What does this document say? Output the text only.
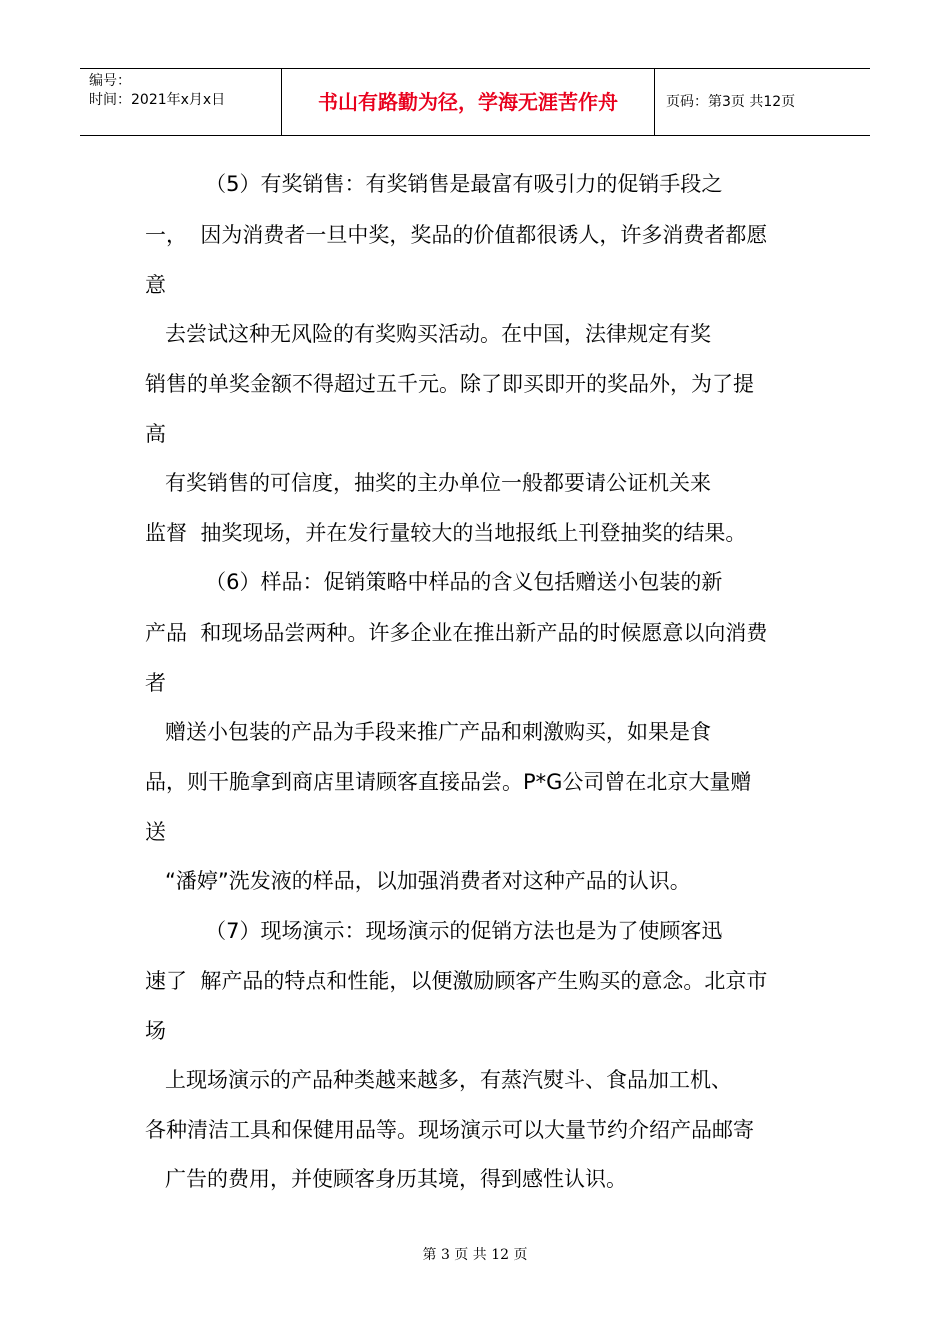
编号：
时间：2021年x月x日	书山有路勤为径，学海无涯苦作舟	页码：第3页 共12页
（5）有奖销售：有奖销售是最富有吸引力的促销手段之
一，  因为消费者一旦中奖，奖品的价值都很诱人，许多消费者都愿
意
去尝试这种无风险的有奖购买活动。在中国，法律规定有奖
销售的单奖金额不得超过五千元。除了即买即开的奖品外，为了提
高
有奖销售的可信度，抽奖的主办单位一般都要请公证机关来
监督  抽奖现场，并在发行量较大的当地报纸上刊登抽奖的结果。
（6）样品：促销策略中样品的含义包括赠送小包装的新
产品  和现场品尝两种。许多企业在推出新产品的时候愿意以向消费
者
赠送小包装的产品为手段来推广产品和刺激购买，如果是食
品，则干脆拿到商店里请顾客直接品尝。P*G公司曾在北京大量赠
送
“潘婷”洗发液的样品，以加强消费者对这种产品的认识。
（7）现场演示：现场演示的促销方法也是为了使顾客迅
速了  解产品的特点和性能，以便激励顾客产生购买的意念。北京市
场
上现场演示的产品种类越来越多，有蒸汽熨斗、食品加工机、
各种清洁工具和保健用品等。现场演示可以大量节约介绍产品邮寄
广告的费用，并使顾客身历其境，得到感性认识。
第 3 页 共 12 页
